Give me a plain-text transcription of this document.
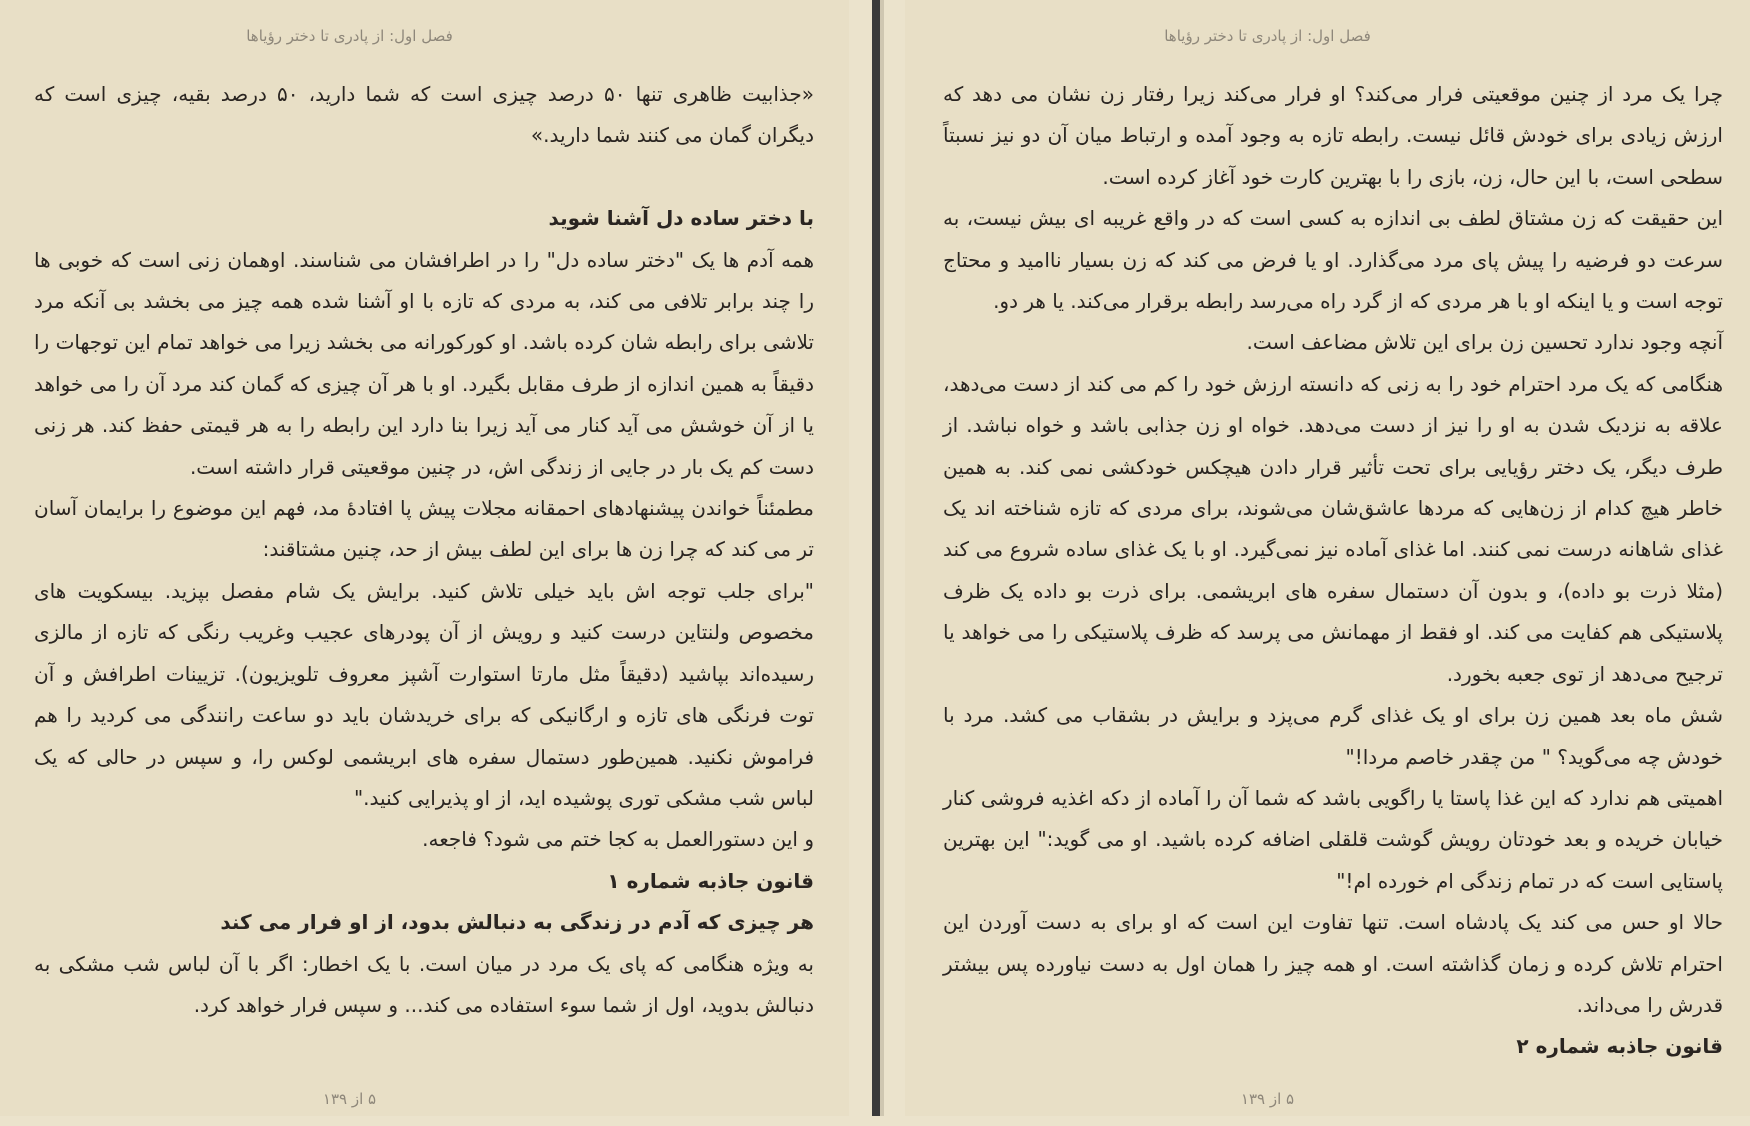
فصل اول: از پادری تا دختر رؤیاها

«جذابیت ظاهری تنها ۵۰ درصد چیزی است که شما دارید، ۵۰ درصد بقیه، چیزی است که دیگران گمان می کنند شما دارید.»

با دختر ساده دل آشنا شوید

همه آدم ها یک "دختر ساده دل" را در اطرافشان می شناسند. اوهمان زنی است که خوبی ها را چند برابر تلافی می کند، به مردی که تازه با او آشنا شده همه چیز می بخشد بی آنکه مرد تلاشی برای رابطه شان کرده باشد. او کورکورانه می بخشد زیرا می خواهد تمام این توجهات را دقیقاً به همین اندازه از طرف مقابل بگیرد. او با هر آن چیزی که گمان کند مرد آن را می خواهد یا از آن خوشش می آید کنار می آید زیرا بنا دارد این رابطه را به هر قیمتی حفظ کند. هر زنی دست کم یک بار در جایی از زندگی اش، در چنین موقعیتی قرار داشته است.

مطمئناً خواندن پیشنهادهای احمقانه مجلات پیش پا افتادهٔ مد، فهم این موضوع را برایمان آسان تر می کند که چرا زن ها برای این لطف بیش از حد، چنین مشتاقند:

"برای جلب توجه اش باید خیلی تلاش کنید. برایش یک شام مفصل بپزید. بیسکویت های مخصوص ولنتاین درست کنید و رویش از آن پودرهای عجیب وغریب رنگی که تازه از مالزی رسیده‌اند بپاشید (دقیقاً مثل مارتا استوارت آشپز معروف تلویزیون). تزیینات اطرافش و آن توت فرنگی های تازه و ارگانیکی که برای خریدشان باید دو ساعت رانندگی می کردید را هم فراموش نکنید. همین‌طور دستمال سفره های ابریشمی لوکس را، و سپس در حالی که یک لباس شب مشکی توری پوشیده اید، از او پذیرایی کنید."

و این دستورالعمل به کجا ختم می شود؟ فاجعه.

قانون جاذبه شماره ۱

هر چیزی که آدم در زندگی به دنبالش بدود، از او فرار می کند

به ویژه هنگامی که پای یک مرد در میان است. با یک اخطار: اگر با آن لباس شب مشکی به دنبالش بدوید، اول از شما سوء استفاده می کند... و سپس فرار خواهد کرد.

۵ از ۱۳۹
فصل اول: از پادری تا دختر رؤیاها

چرا یک مرد از چنین موقعیتی فرار می‌کند؟ او فرار می‌کند زیرا رفتار زن نشان می دهد که ارزش زیادی برای خودش قائل نیست. رابطه تازه به وجود آمده و ارتباط میان آن دو نیز نسبتاً سطحی است، با این حال، زن، بازی را با بهترین کارت خود آغاز کرده است.

این حقیقت که زن مشتاق لطف بی اندازه به کسی است که در واقع غریبه ای بیش نیست، به سرعت دو فرضیه را پیش پای مرد می‌گذارد. او یا فرض می کند که زن بسیار ناامید و محتاج توجه است و یا اینکه او با هر مردی که از گرد راه می‌رسد رابطه برقرار می‌کند. یا هر دو.

آنچه وجود ندارد تحسین زن برای این تلاش مضاعف است.

هنگامی که یک مرد احترام خود را به زنی که دانسته ارزش خود را کم می کند از دست می‌دهد، علاقه به نزدیک شدن به او را نیز از دست می‌دهد. خواه او زن جذابی باشد و خواه نباشد. از طرف دیگر، یک دختر رؤیایی برای تحت تأثیر قرار دادن هیچکس خودکشی نمی کند. به همین خاطر هیچ کدام از زن‌هایی که مردها عاشق‌شان می‌شوند، برای مردی که تازه شناخته اند یک غذای شاهانه درست نمی کنند. اما غذای آماده نیز نمی‌گیرد. او با یک غذای ساده شروع می کند (مثلا ذرت بو داده)، و بدون آن دستمال سفره های ابریشمی. برای ذرت بو داده یک ظرف پلاستیکی هم کفایت می کند. او فقط از مهمانش می پرسد که ظرف پلاستیکی را می خواهد یا ترجیح می‌دهد از توی جعبه بخورد.

شش ماه بعد همین زن برای او یک غذای گرم می‌پزد و برایش در بشقاب می کشد. مرد با خودش چه می‌گوید؟ " من چقدر خاصم مردا!"

اهمیتی هم ندارد که این غذا پاستا یا راگویی باشد که شما آن را آماده از دکه اغذیه فروشی کنار خیابان خریده و بعد خودتان رویش گوشت قلقلی اضافه کرده باشید. او می گوید:" این بهترین پاستایی است که در تمام زندگی ام خورده ام!"

حالا او حس می کند یک پادشاه است. تنها تفاوت این است که او برای به دست آوردن این احترام تلاش کرده و زمان گذاشته است. او همه چیز را همان اول به دست نیاورده پس بیشتر قدرش را می‌داند.

قانون جاذبه شماره ۲

۵ از ۱۳۹
